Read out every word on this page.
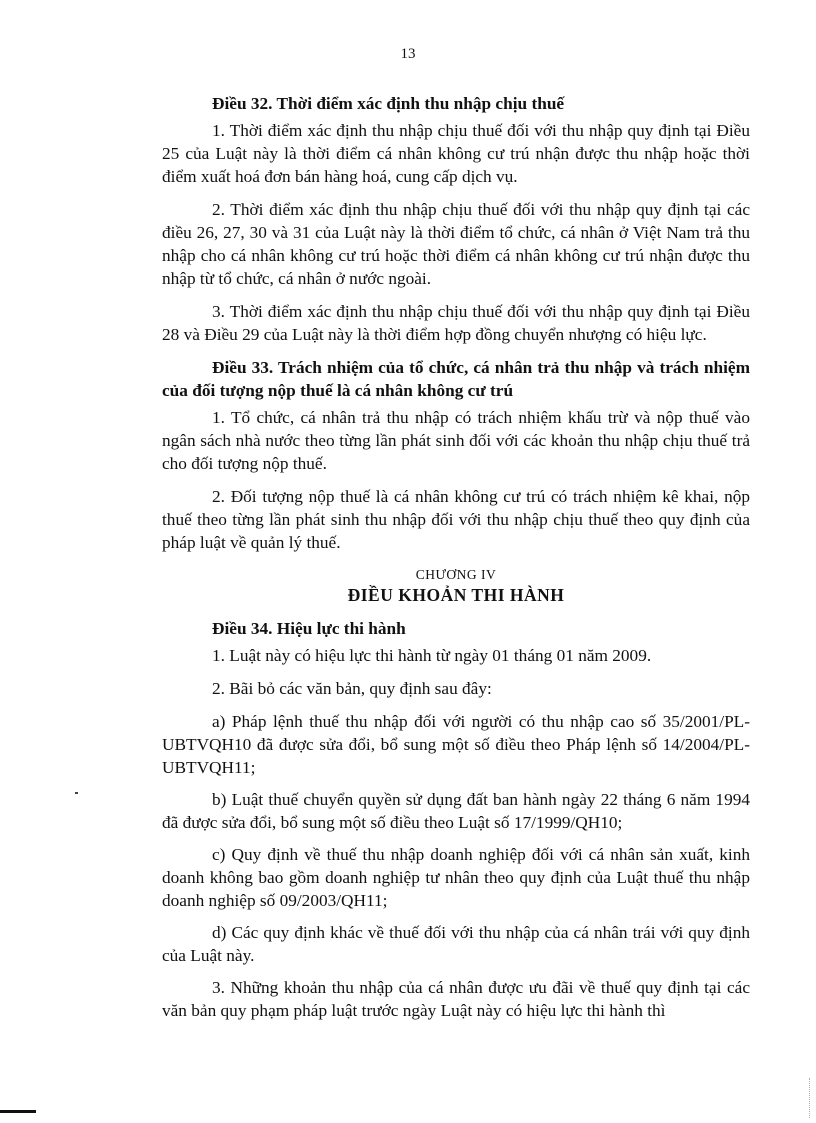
13
Điều 32. Thời điểm xác định thu nhập chịu thuế

1. Thời điểm xác định thu nhập chịu thuế đối với thu nhập quy định tại Điều 25 của Luật này là thời điểm cá nhân không cư trú nhận được thu nhập hoặc thời điểm xuất hoá đơn bán hàng hoá, cung cấp dịch vụ.

2. Thời điểm xác định thu nhập chịu thuế đối với thu nhập quy định tại các điều 26, 27, 30 và 31 của Luật này là thời điểm tổ chức, cá nhân ở Việt Nam trả thu nhập cho cá nhân không cư trú hoặc thời điểm cá nhân không cư trú nhận được thu nhập từ tổ chức, cá nhân ở nước ngoài.

3. Thời điểm xác định thu nhập chịu thuế đối với thu nhập quy định tại Điều 28 và Điều 29 của Luật này là thời điểm hợp đồng chuyển nhượng có hiệu lực.

Điều 33. Trách nhiệm của tổ chức, cá nhân trả thu nhập và trách nhiệm của đối tượng nộp thuế là cá nhân không cư trú

1. Tổ chức, cá nhân trả thu nhập có trách nhiệm khấu trừ và nộp thuế vào ngân sách nhà nước theo từng lần phát sinh đối với các khoản thu nhập chịu thuế trả cho đối tượng nộp thuế.

2. Đối tượng nộp thuế là cá nhân không cư trú có trách nhiệm kê khai, nộp thuế theo từng lần phát sinh thu nhập đối với thu nhập chịu thuế theo quy định của pháp luật về quản lý thuế.

CHƯƠNG IV
ĐIỀU KHOẢN THI HÀNH
Điều 34. Hiệu lực thi hành

1. Luật này có hiệu lực thi hành từ ngày 01 tháng 01 năm 2009.

2. Bãi bỏ các văn bản, quy định sau đây:

a) Pháp lệnh thuế thu nhập đối với người có thu nhập cao số 35/2001/PL-UBTVQH10 đã được sửa đổi, bổ sung một số điều theo Pháp lệnh số 14/2004/PL-UBTVQH11;

b) Luật thuế chuyển quyền sử dụng đất ban hành ngày 22 tháng 6 năm 1994 đã được sửa đổi, bổ sung một số điều theo Luật số 17/1999/QH10;

c) Quy định về thuế thu nhập doanh nghiệp đối với cá nhân sản xuất, kinh doanh không bao gồm doanh nghiệp tư nhân theo quy định của Luật thuế thu nhập doanh nghiệp số 09/2003/QH11;

d) Các quy định khác về thuế đối với thu nhập của cá nhân trái với quy định của Luật này.

3. Những khoản thu nhập của cá nhân được ưu đãi về thuế quy định tại các văn bản quy phạm pháp luật trước ngày Luật này có hiệu lực thi hành thì
